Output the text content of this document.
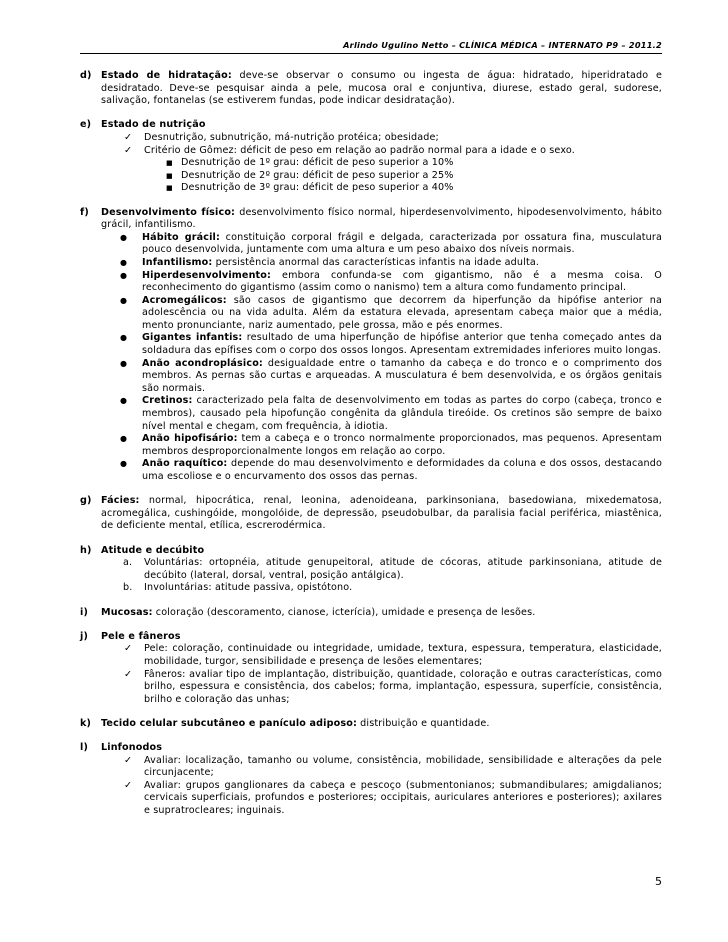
Arlindo Ugulino Netto – CLÍNICA MÉDICA – INTERNATO P9 – 2011.2
d) Estado de hidratação: deve-se observar o consumo ou ingesta de água: hidratado, hiperidratado e desidratado. Deve-se pesquisar ainda a pele, mucosa oral e conjuntiva, diurese, estado geral, sudorese, salivação, fontanelas (se estiverem fundas, pode indicar desidratação).
e) Estado de nutrição
✓ Desnutrição, subnutrição, má-nutrição protéica; obesidade;
✓ Critério de Gômez: déficit de peso em relação ao padrão normal para a idade e o sexo.
■ Desnutrição de 1º grau: déficit de peso superior a 10%
■ Desnutrição de 2º grau: déficit de peso superior a 25%
■ Desnutrição de 3º grau: déficit de peso superior a 40%
f) Desenvolvimento físico: desenvolvimento físico normal, hiperdesenvolvimento, hipodesenvolvimento, hábito grácil, infantilismo.
● Hábito grácil: constituição corporal frágil e delgada, caracterizada por ossatura fina, musculatura pouco desenvolvida, juntamente com uma altura e um peso abaixo dos níveis normais.
● Infantilismo: persistência anormal das características infantis na idade adulta.
● Hiperdesenvolvimento: embora confunda-se com gigantismo, não é a mesma coisa. O reconhecimento do gigantismo (assim como o nanismo) tem a altura como fundamento principal.
● Acromegálicos: são casos de gigantismo que decorrem da hiperfunção da hipófise anterior na adolescência ou na vida adulta. Além da estatura elevada, apresentam cabeça maior que a média, mento pronunciante, nariz aumentado, pele grossa, mão e pés enormes.
● Gigantes infantis: resultado de uma hiperfunção de hipófise anterior que tenha começado antes da soldadura das epífises com o corpo dos ossos longos. Apresentam extremidades inferiores muito longas.
● Anão acondroplásico: desigualdade entre o tamanho da cabeça e do tronco e o comprimento dos membros. As pernas são curtas e arqueadas. A musculatura é bem desenvolvida, e os órgãos genitais são normais.
● Cretinos: caracterizado pela falta de desenvolvimento em todas as partes do corpo (cabeça, tronco e membros), causado pela hipofunção congênita da glândula tireóide. Os cretinos são sempre de baixo nível mental e chegam, com frequência, à idiotia.
● Anão hipofisário: tem a cabeça e o tronco normalmente proporcionados, mas pequenos. Apresentam membros desproporcionalmente longos em relação ao corpo.
● Anão raquítico: depende do mau desenvolvimento e deformidades da coluna e dos ossos, destacando uma escoliose e o encurvamento dos ossos das pernas.
g) Fácies: normal, hipocrática, renal, leonina, adenoideana, parkinsoniana, basedowiana, mixedematosa, acromegálica, cushingóide, mongolóide, de depressão, pseudobulbar, da paralisia facial periférica, miastênica, de deficiente mental, etílica, escrerodérmica.
h) Atitude e decúbito
a. Voluntárias: ortopnéia, atitude genupeitoral, atitude de cócoras, atitude parkinsoniana, atitude de decúbito (lateral, dorsal, ventral, posição antálgica).
b. Involuntárias: atitude passiva, opistótono.
i) Mucosas: coloração (descoramento, cianose, icterícia), umidade e presença de lesões.
j) Pele e fâneros
✓ Pele: coloração, continuidade ou integridade, umidade, textura, espessura, temperatura, elasticidade, mobilidade, turgor, sensibilidade e presença de lesões elementares;
✓ Fâneros: avaliar tipo de implantação, distribuição, quantidade, coloração e outras características, como brilho, espessura e consistência, dos cabelos; forma, implantação, espessura, superfície, consistência, brilho e coloração das unhas;
k) Tecido celular subcutâneo e panículo adiposo: distribuição e quantidade.
l) Linfonodos
✓ Avaliar: localização, tamanho ou volume, consistência, mobilidade, sensibilidade e alterações da pele circunjacente;
✓ Avaliar: grupos ganglionares da cabeça e pescoço (submentonianos; submandibulares; amigdalianos; cervicais superficiais, profundos e posteriores; occipitais, auriculares anteriores e posteriores); axilares e supratrocleares; inguinais.
5
